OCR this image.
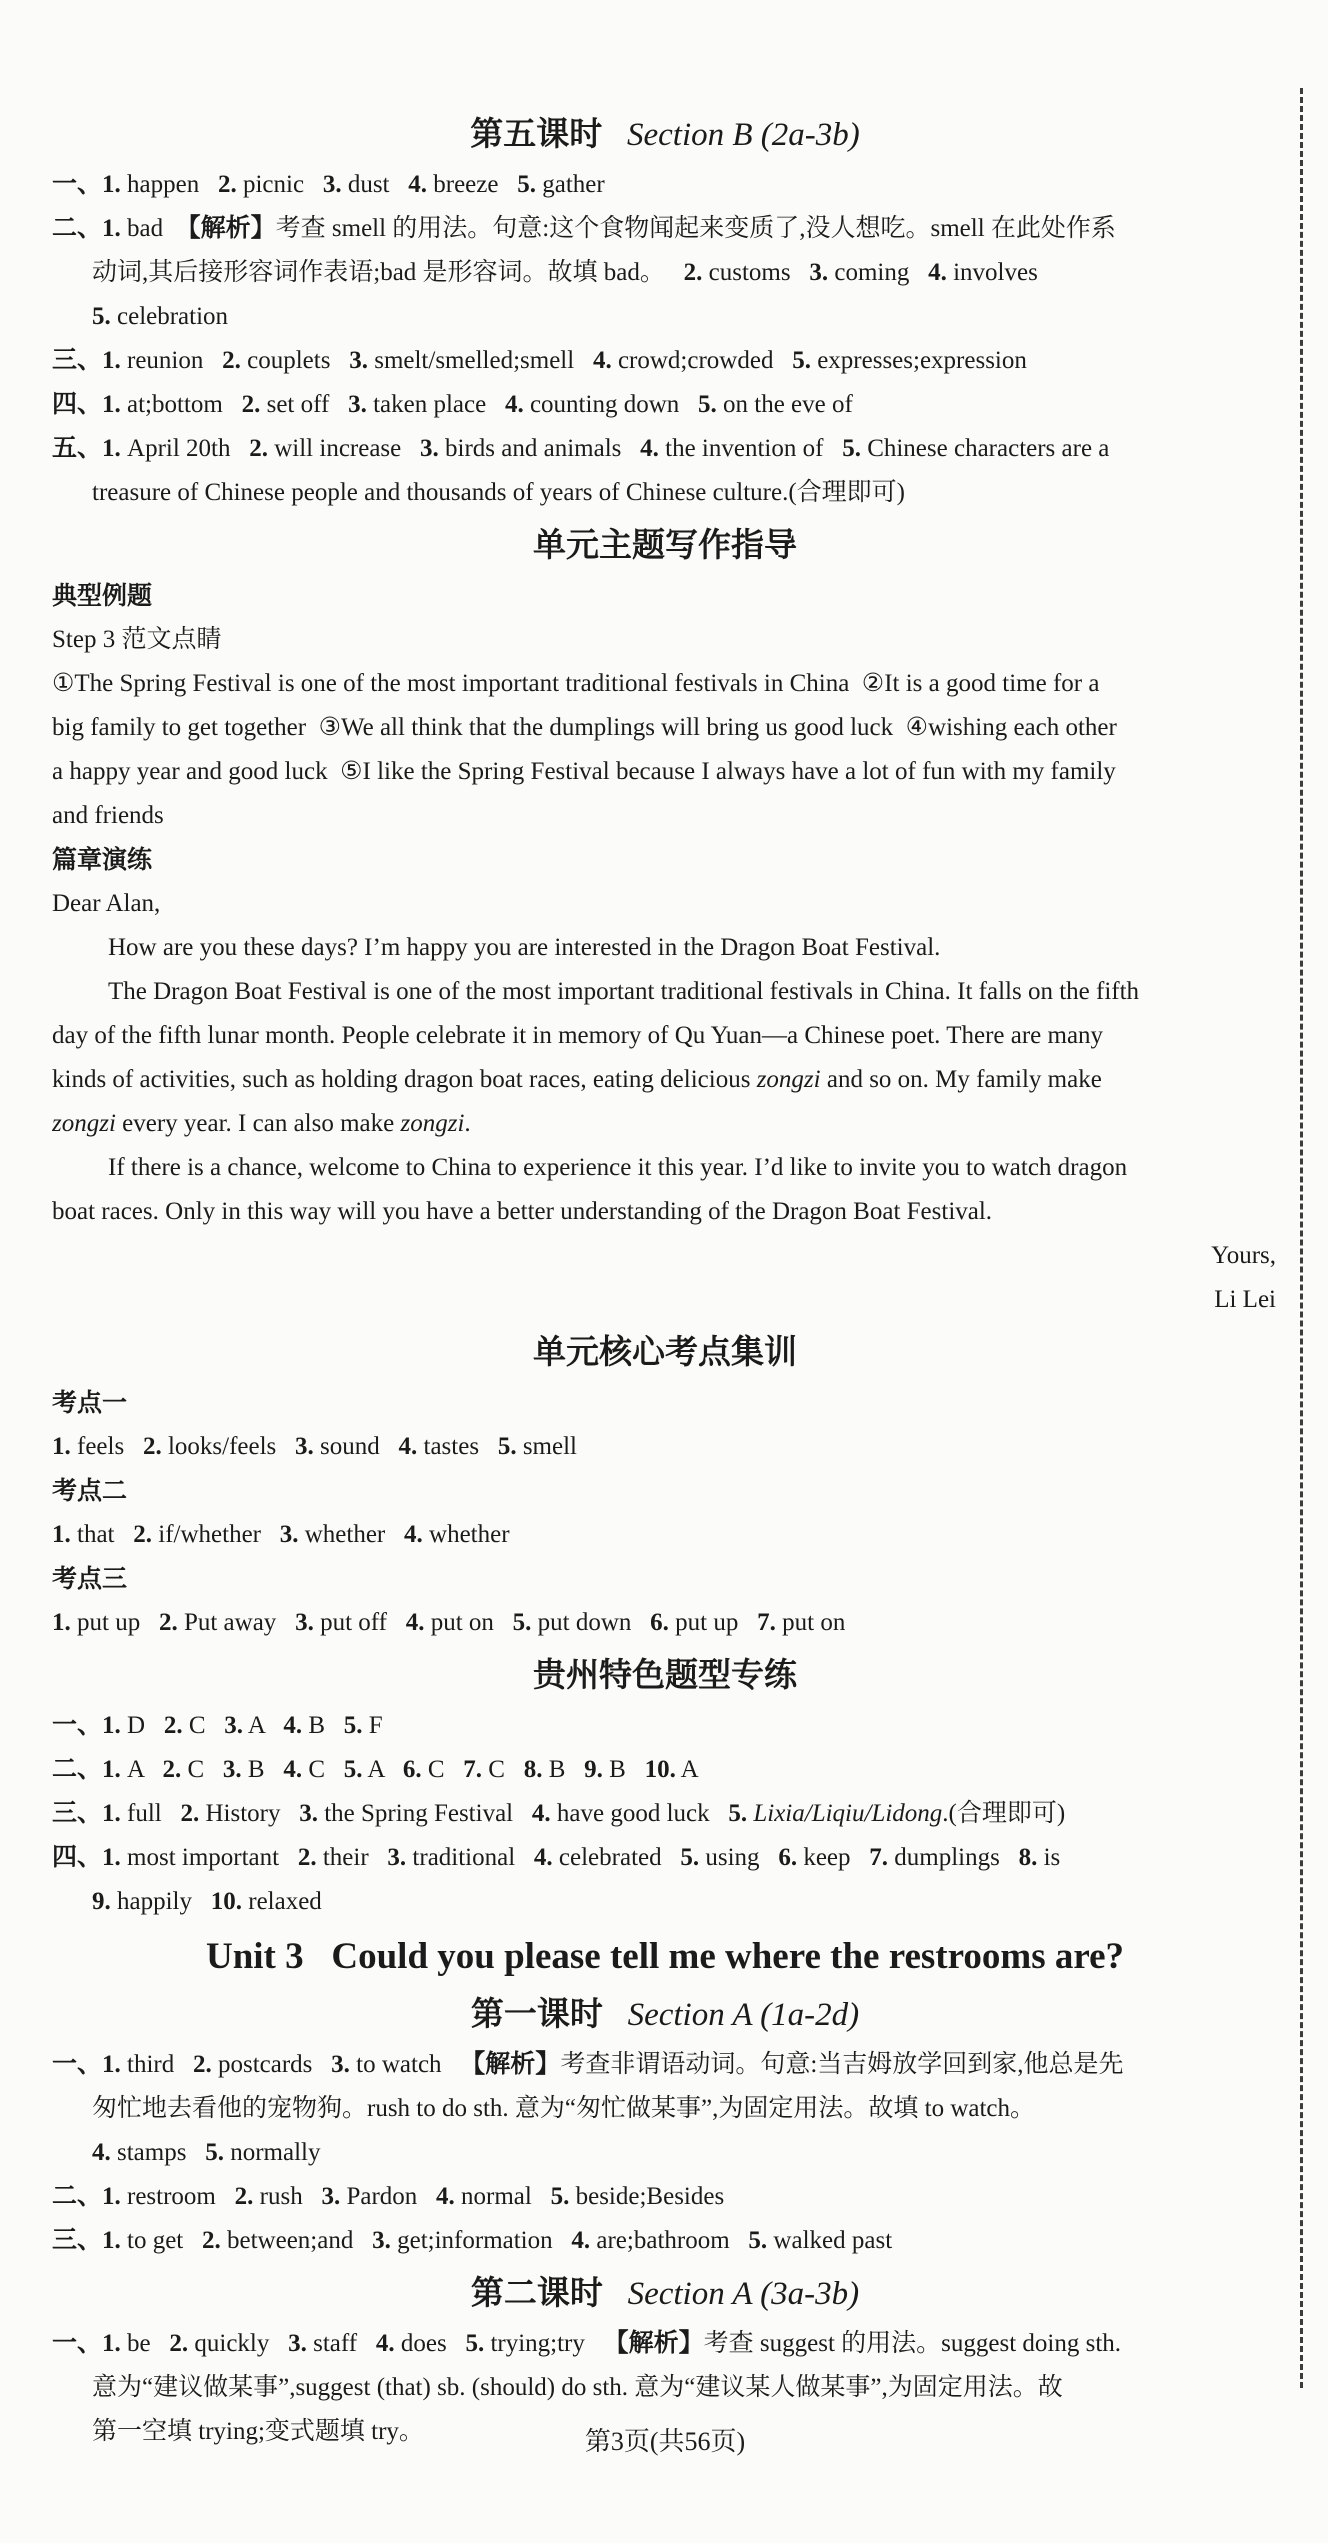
第五课时 Section B (2a-3b)
一、1. happen   2. picnic   3. dust   4. breeze   5. gather
二、1. bad  【解析】考查 smell 的用法。句意:这个食物闻起来变质了,没人想吃。smell 在此处作系
动词,其后接形容词作表语;bad 是形容词。故填 bad。   2. customs   3. coming   4. involves
5. celebration
三、1. reunion   2. couplets   3. smelt/smelled;smell   4. crowd;crowded   5. expresses;expression
四、1. at;bottom   2. set off   3. taken place   4. counting down   5. on the eve of
五、1. April 20th   2. will increase   3. birds and animals   4. the invention of   5. Chinese characters are a
treasure of Chinese people and thousands of years of Chinese culture.(合理即可)
单元主题写作指导
典型例题
Step 3 范文点睛
①The Spring Festival is one of the most important traditional festivals in China  ②It is a good time for a
big family to get together  ③We all think that the dumplings will bring us good luck  ④wishing each other
a happy year and good luck  ⑤I like the Spring Festival because I always have a lot of fun with my family
and friends
篇章演练
Dear Alan,
How are you these days? I’m happy you are interested in the Dragon Boat Festival.
The Dragon Boat Festival is one of the most important traditional festivals in China. It falls on the fifth
day of the fifth lunar month. People celebrate it in memory of Qu Yuan—a Chinese poet. There are many
kinds of activities, such as holding dragon boat races, eating delicious zongzi and so on. My family make
zongzi every year. I can also make zongzi.
If there is a chance, welcome to China to experience it this year. I’d like to invite you to watch dragon
boat races. Only in this way will you have a better understanding of the Dragon Boat Festival.
Yours,
Li Lei
单元核心考点集训
考点一
1. feels   2. looks/feels   3. sound   4. tastes   5. smell
考点二
1. that   2. if/whether   3. whether   4. whether
考点三
1. put up   2. Put away   3. put off   4. put on   5. put down   6. put up   7. put on
贵州特色题型专练
一、1. D   2. C   3. A   4. B   5. F
二、1. A   2. C   3. B   4. C   5. A   6. C   7. C   8. B   9. B   10. A
三、1. full   2. History   3. the Spring Festival   4. have good luck   5. Lixia/Liqiu/Lidong.(合理即可)
四、1. most important   2. their   3. traditional   4. celebrated   5. using   6. keep   7. dumplings   8. is
9. happily   10. relaxed
Unit 3   Could you please tell me where the restrooms are?
第一课时 Section A (1a-2d)
一、1. third   2. postcards   3. to watch   【解析】考查非谓语动词。句意:当吉姆放学回到家,他总是先
匆忙地去看他的宠物狗。rush to do sth. 意为“匆忙做某事”,为固定用法。故填 to watch。
4. stamps   5. normally
二、1. restroom   2. rush   3. Pardon   4. normal   5. beside;Besides
三、1. to get   2. between;and   3. get;information   4. are;bathroom   5. walked past
第二课时 Section A (3a-3b)
一、1. be   2. quickly   3. staff   4. does   5. trying;try   【解析】考查 suggest 的用法。suggest doing sth.
意为“建议做某事”,suggest (that) sb. (should) do sth. 意为“建议某人做某事”,为固定用法。故
第一空填 trying;变式题填 try。	第3页(共56页)
